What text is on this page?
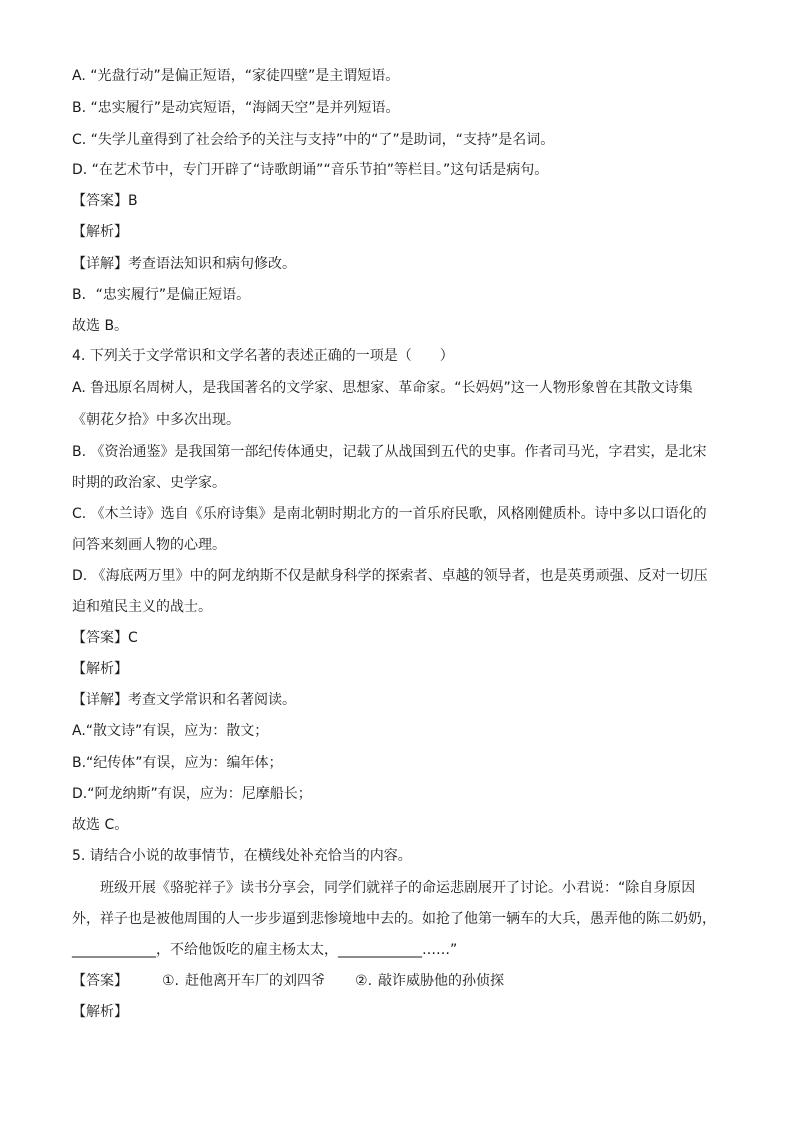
A. “光盘行动”是偏正短语，“家徒四壁”是主谓短语。
B. “忠实履行”是动宾短语，“海阔天空”是并列短语。
C. “失学儿童得到了社会给予的关注与支持”中的“了”是助词，“支持”是名词。
D. “在艺术节中，专门开辟了“诗歌朗诵”“音乐节拍”等栏目。”这句话是病句。
【答案】B
【解析】
【详解】考查语法知识和病句修改。
B．“忠实履行”是偏正短语。
故选 B。
4. 下列关于文学常识和文学名著的表述正确的一项是（　　）
A. 鲁迅原名周树人，是我国著名的文学家、思想家、革命家。“长妈妈”这一人物形象曾在其散文诗集
《朝花夕拾》中多次出现。
B. 《资治通鉴》是我国第一部纪传体通史，记载了从战国到五代的史事。作者司马光，字君实，是北宋
时期的政治家、史学家。
C. 《木兰诗》选自《乐府诗集》是南北朝时期北方的一首乐府民歌，风格刚健质朴。诗中多以口语化的
问答来刻画人物的心理。
D. 《海底两万里》中的阿龙纳斯不仅是献身科学的探索者、卓越的领导者，也是英勇顽强、反对一切压
迫和殖民主义的战士。
【答案】C
【解析】
【详解】考查文学常识和名著阅读。
A.“散文诗”有误，应为：散文；
B.“纪传体”有误，应为：编年体；
D.“阿龙纳斯”有误，应为：尼摩船长；
故选 C。
5. 请结合小说的故事情节，在横线处补充恰当的内容。
班级开展《骆驼祥子》读书分享会，同学们就祥子的命运悲剧展开了讨论。小君说：“除自身原因
外，祥子也是被他周围的人一步步逼到悲惨境地中去的。如抢了他第一辆车的大兵，愚弄他的陈二奶奶，
____________，不给他饭吃的雇主杨太太，____________……”
【答案】 ①. 赶他离开车厂的刘四爷 ②. 敲诈威胁他的孙侦探
【解析】
